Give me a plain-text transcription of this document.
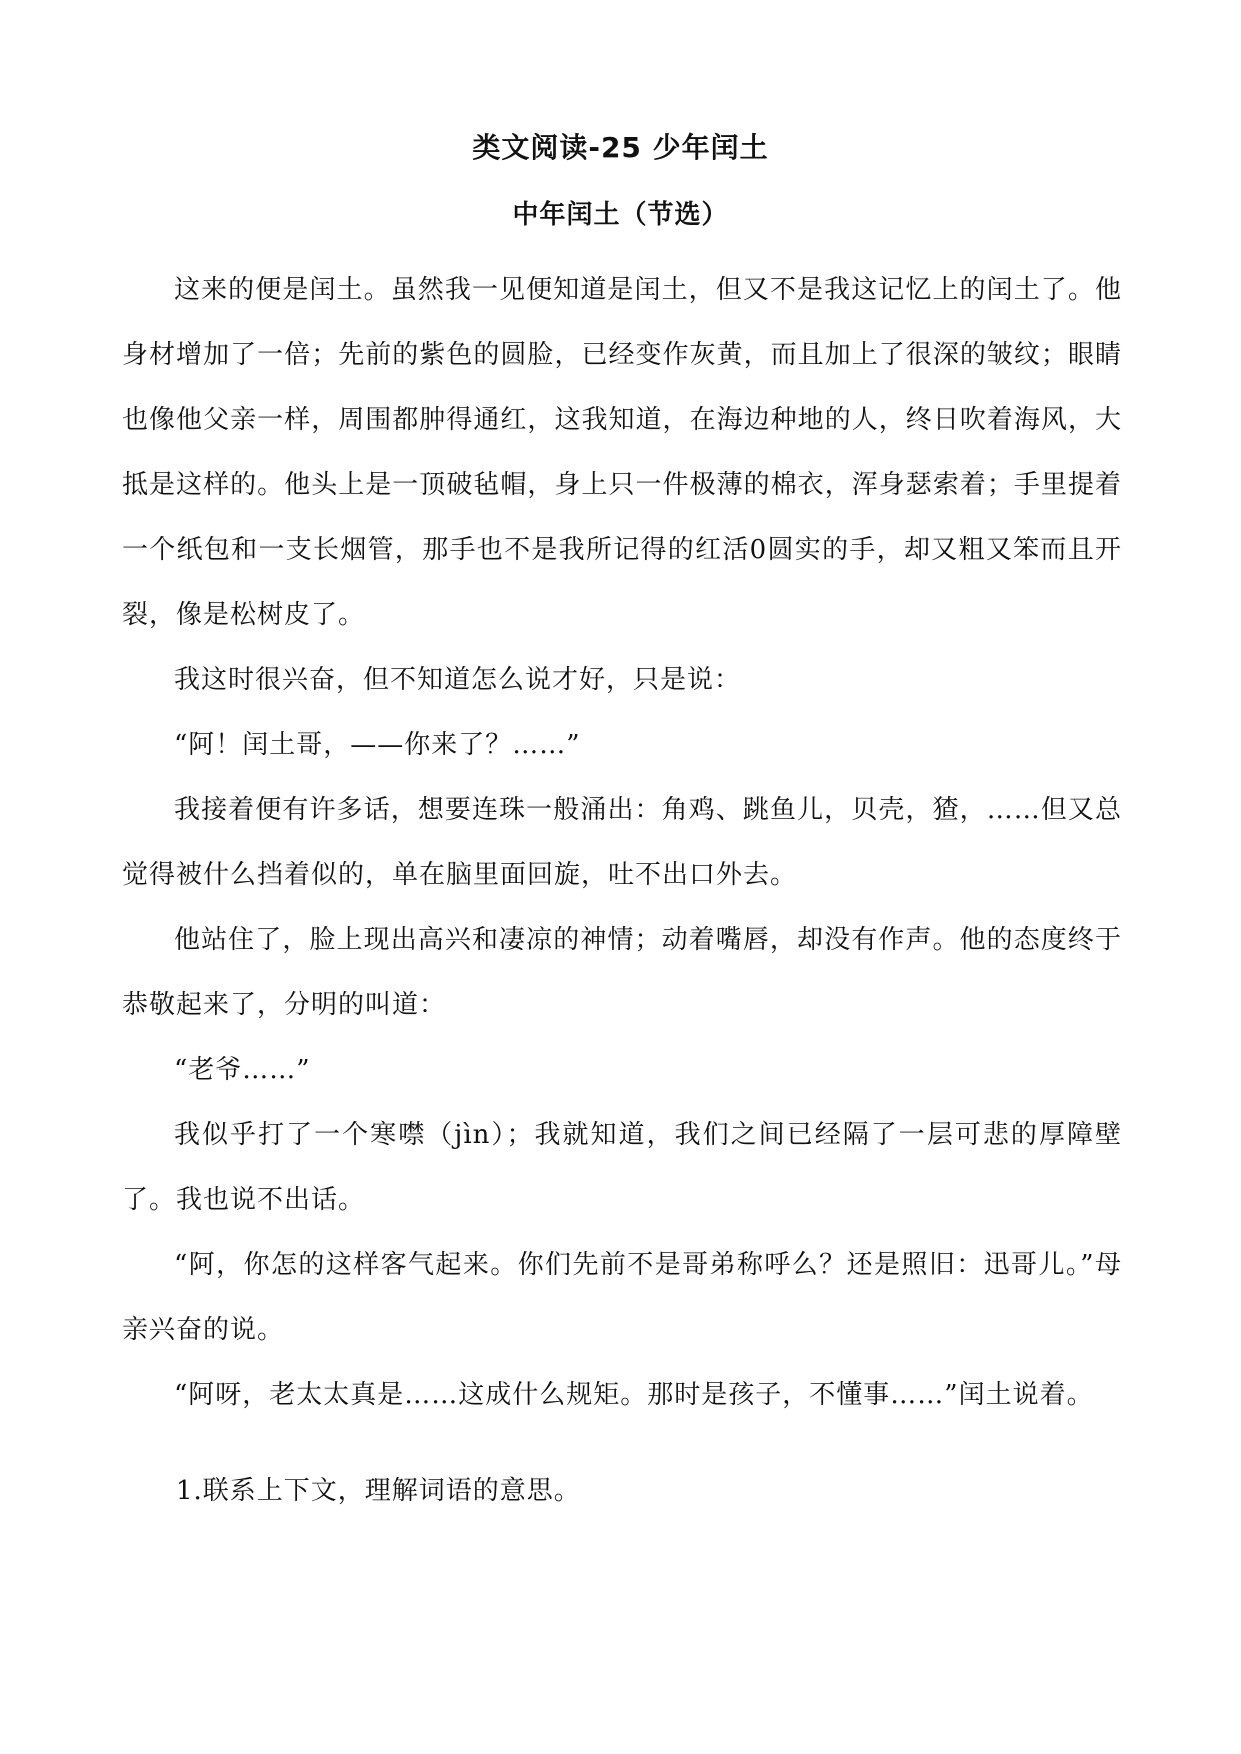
类文阅读-25 少年闰土
中年闰土（节选）

这来的便是闰土。虽然我一见便知道是闰土，但又不是我这记忆上的闰土了。他身材增加了一倍；先前的紫色的圆脸，已经变作灰黄，而且加上了很深的皱纹；眼睛也像他父亲一样，周围都肿得通红，这我知道，在海边种地的人，终日吹着海风，大抵是这样的。他头上是一顶破毡帽，身上只一件极薄的棉衣，浑身瑟索着；手里提着一个纸包和一支长烟管，那手也不是我所记得的红活0圆实的手，却又粗又笨而且开裂，像是松树皮了。

我这时很兴奋，但不知道怎么说才好，只是说：

“阿！闰土哥，——你来了？……”

我接着便有许多话，想要连珠一般涌出：角鸡、跳鱼儿，贝壳，猹，……但又总觉得被什么挡着似的，单在脑里面回旋，吐不出口外去。

他站住了，脸上现出高兴和凄凉的神情；动着嘴唇，却没有作声。他的态度终于恭敬起来了，分明的叫道：

“老爷……”

我似乎打了一个寒噤（jìn）；我就知道，我们之间已经隔了一层可悲的厚障壁了。我也说不出话。

“阿，你怎的这样客气起来。你们先前不是哥弟称呼么？还是照旧：迅哥儿。”母亲兴奋的说。

“阿呀，老太太真是……这成什么规矩。那时是孩子，不懂事……”闰土说着。

1.联系上下文，理解词语的意思。
